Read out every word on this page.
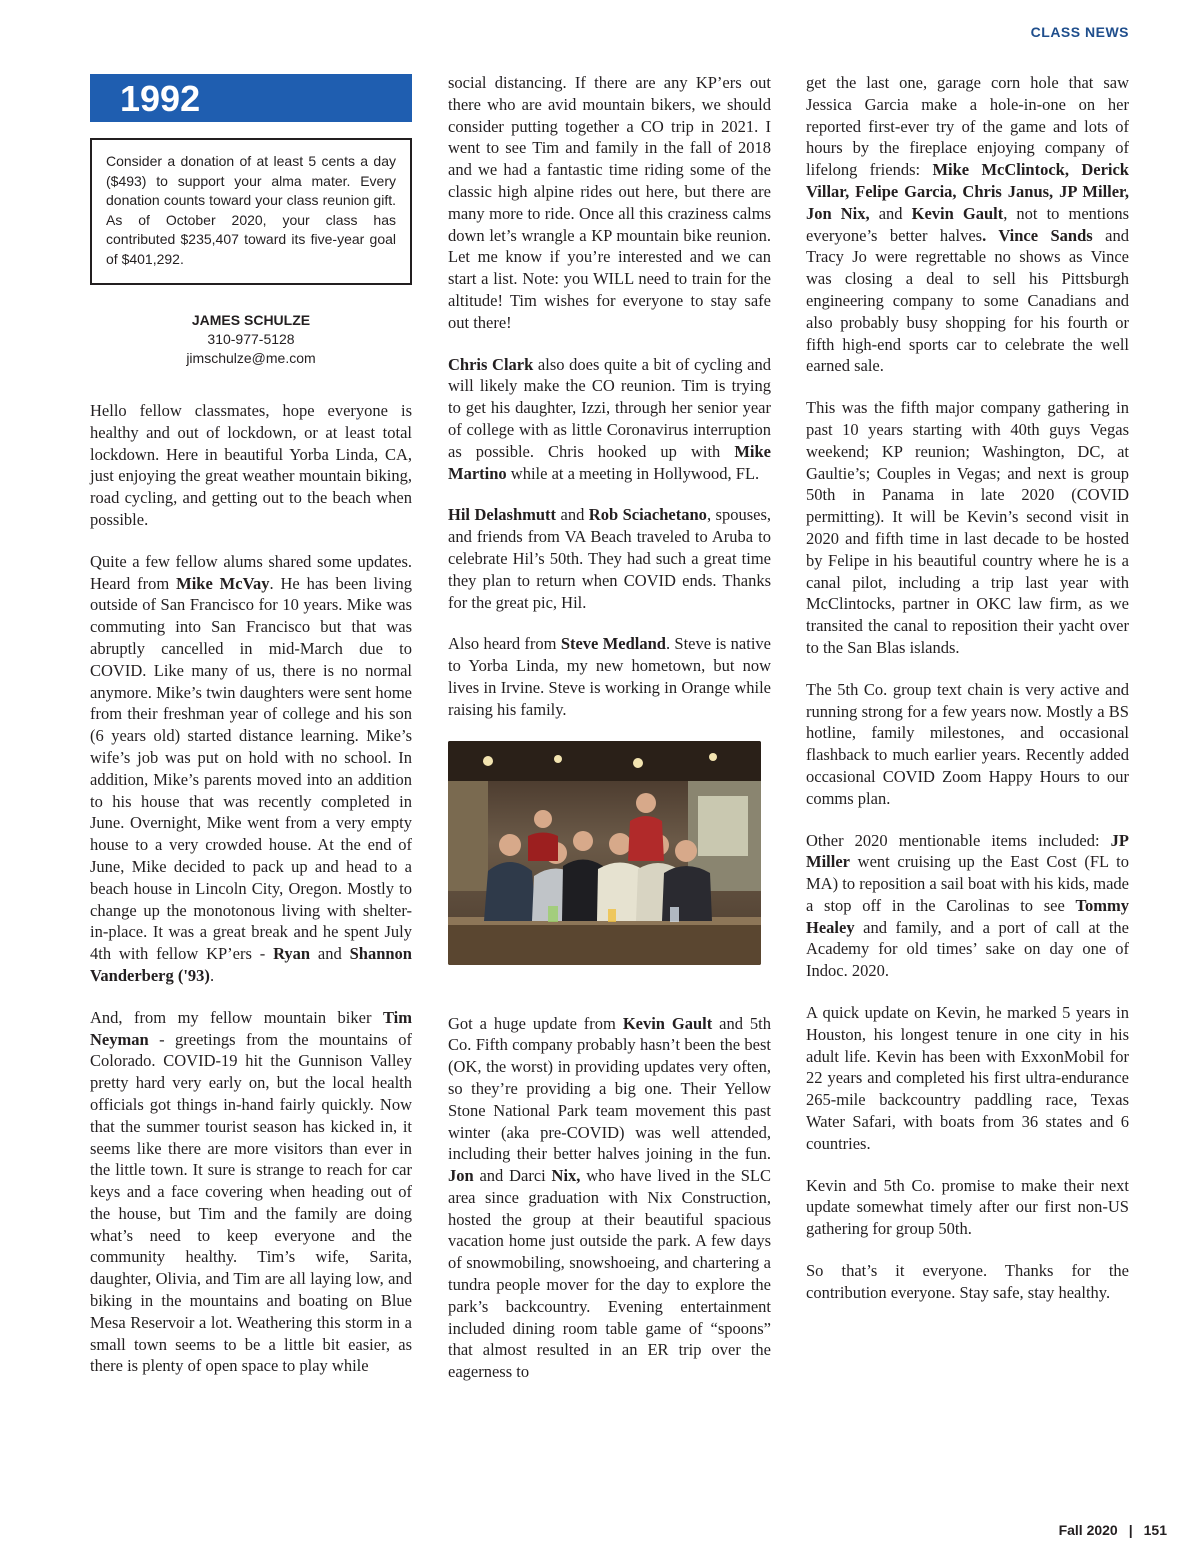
CLASS NEWS
1992
Consider a donation of at least 5 cents a day ($493) to support your alma mater. Every donation counts toward your class reunion gift. As of October 2020, your class has contributed $235,407 toward its five-year goal of $401,292.
JAMES SCHULZE
310-977-5128
jimschulze@me.com

Hello fellow classmates, hope everyone is healthy and out of lockdown, or at least total lockdown. Here in beautiful Yorba Linda, CA, just enjoying the great weather mountain biking, road cycling, and getting out to the beach when possible.

Quite a few fellow alums shared some updates. Heard from Mike McVay. He has been living outside of San Francisco for 10 years. Mike was commuting into San Francisco but that was abruptly cancelled in mid-March due to COVID. Like many of us, there is no normal anymore. Mike’s twin daughters were sent home from their freshman year of college and his son (6 years old) started distance learning. Mike’s wife’s job was put on hold with no school. In addition, Mike’s parents moved into an addition to his house that was recently completed in June. Overnight, Mike went from a very empty house to a very crowded house. At the end of June, Mike decided to pack up and head to a beach house in Lincoln City, Oregon. Mostly to change up the monotonous living with shelter-in-place. It was a great break and he spent July 4th with fellow KP’ers - Ryan and Shannon Vanderberg ('93).

And, from my fellow mountain biker Tim Neyman - greetings from the mountains of Colorado. COVID-19 hit the Gunnison Valley pretty hard very early on, but the local health officials got things in-hand fairly quickly. Now that the summer tourist season has kicked in, it seems like there are more visitors than ever in the little town. It sure is strange to reach for car keys and a face covering when heading out of the house, but Tim and the family are doing what’s need to keep everyone and the community healthy. Tim’s wife, Sarita, daughter, Olivia, and Tim are all laying low, and biking in the mountains and boating on Blue Mesa Reservoir a lot. Weathering this storm in a small town seems to be a little bit easier, as there is plenty of open space to play while

social distancing. If there are any KP’ers out there who are avid mountain bikers, we should consider putting together a CO trip in 2021. I went to see Tim and family in the fall of 2018 and we had a fantastic time riding some of the classic high alpine rides out here, but there are many more to ride. Once all this craziness calms down let’s wrangle a KP mountain bike reunion. Let me know if you’re interested and we can start a list. Note: you WILL need to train for the altitude! Tim wishes for everyone to stay safe out there!

Chris Clark also does quite a bit of cycling and will likely make the CO reunion. Tim is trying to get his daughter, Izzi, through her senior year of college with as little Coronavirus interruption as possible. Chris hooked up with Mike Martino while at a meeting in Hollywood, FL.

Hil Delashmutt and Rob Sciachetano, spouses, and friends from VA Beach traveled to Aruba to celebrate Hil’s 50th. They had such a great time they plan to return when COVID ends. Thanks for the great pic, Hil.

Also heard from Steve Medland. Steve is native to Yorba Linda, my new hometown, but now lives in Irvine. Steve is working in Orange while raising his family.

Got a huge update from Kevin Gault and 5th Co. Fifth company probably hasn’t been the best (OK, the worst) in providing updates very often, so they’re providing a big one. Their Yellow Stone National Park team movement this past winter (aka pre-COVID) was well attended, including their better halves joining in the fun. Jon and Darci Nix, who have lived in the SLC area since graduation with Nix Construction, hosted the group at their beautiful spacious vacation home just outside the park. A few days of snowmobiling, snowshoeing, and chartering a tundra people mover for the day to explore the park’s backcountry. Evening entertainment included dining room table game of “spoons” that almost resulted in an ER trip over the eagerness to

get the last one, garage corn hole that saw Jessica Garcia make a hole-in-one on her reported first-ever try of the game and lots of hours by the fireplace enjoying company of lifelong friends: Mike McClintock, Derick Villar, Felipe Garcia, Chris Janus, JP Miller, Jon Nix, and Kevin Gault, not to mentions everyone’s better halves. Vince Sands and Tracy Jo were regrettable no shows as Vince was closing a deal to sell his Pittsburgh engineering company to some Canadians and also probably busy shopping for his fourth or fifth high-end sports car to celebrate the well earned sale.

This was the fifth major company gathering in past 10 years starting with 40th guys Vegas weekend; KP reunion; Washington, DC, at Gaultie’s; Couples in Vegas; and next is group 50th in Panama in late 2020 (COVID permitting). It will be Kevin’s second visit in 2020 and fifth time in last decade to be hosted by Felipe in his beautiful country where he is a canal pilot, including a trip last year with McClintocks, partner in OKC law firm, as we transited the canal to reposition their yacht over to the San Blas islands.

The 5th Co. group text chain is very active and running strong for a few years now. Mostly a BS hotline, family milestones, and occasional flashback to much earlier years. Recently added occasional COVID Zoom Happy Hours to our comms plan.

Other 2020 mentionable items included: JP Miller went cruising up the East Cost (FL to MA) to reposition a sail boat with his kids, made a stop off in the Carolinas to see Tommy Healey and family, and a port of call at the Academy for old times’ sake on day one of Indoc. 2020.

A quick update on Kevin, he marked 5 years in Houston, his longest tenure in one city in his adult life. Kevin has been with ExxonMobil for 22 years and completed his first ultra-endurance 265-mile backcountry paddling race, Texas Water Safari, with boats from 36 states and 6 countries.

Kevin and 5th Co. promise to make their next update somewhat timely after our first non-US gathering for group 50th.

So that’s it everyone. Thanks for the contribution everyone. Stay safe, stay healthy.

Fall 2020 | 151
